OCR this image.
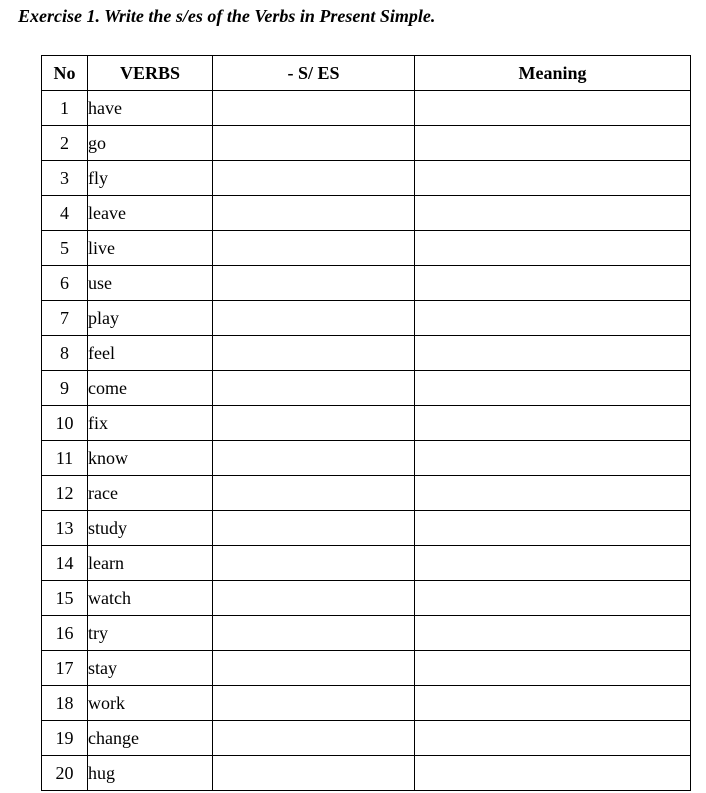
Exercise 1. Write the s/es of the Verbs in Present Simple.
No	VERBS	- S/ ES	Meaning
1	have		
2	go		
3	fly		
4	leave		
5	live		
6	use		
7	play		
8	feel		
9	come		
10	fix		
11	know		
12	race		
13	study		
14	learn		
15	watch		
16	try		
17	stay		
18	work		
19	change		
20	hug		
